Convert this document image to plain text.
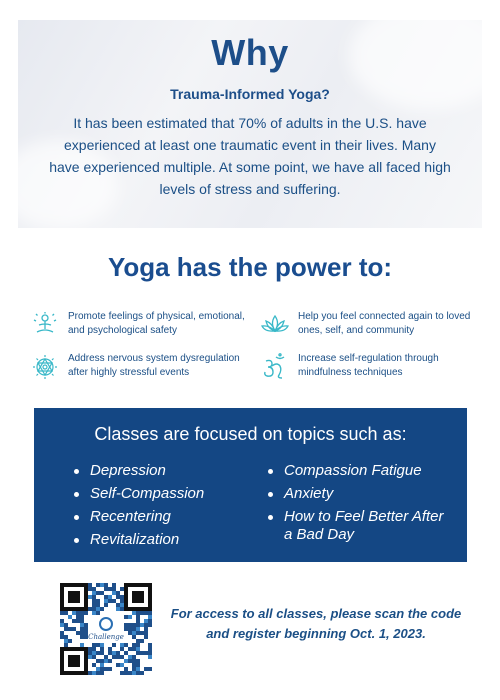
Why
Trauma-Informed Yoga?
It has been estimated that 70% of adults in the U.S. have experienced at least one traumatic event in their lives. Many have experienced multiple. At some point, we have all faced high levels of stress and suffering.
Yoga has the power to:
Promote feelings of physical, emotional, and psychological safety
Help you feel connected again to loved ones, self, and community
Address nervous system dysregulation after highly stressful events
Increase self-regulation through mindfulness techniques
Classes are focused on topics such as:
Depression
Self-Compassion
Recentering
Revitalization
Compassion Fatigue
Anxiety
How to Feel Better After a Bad Day
Challenge
For access to all classes, please scan the code and register beginning Oct. 1, 2023.
